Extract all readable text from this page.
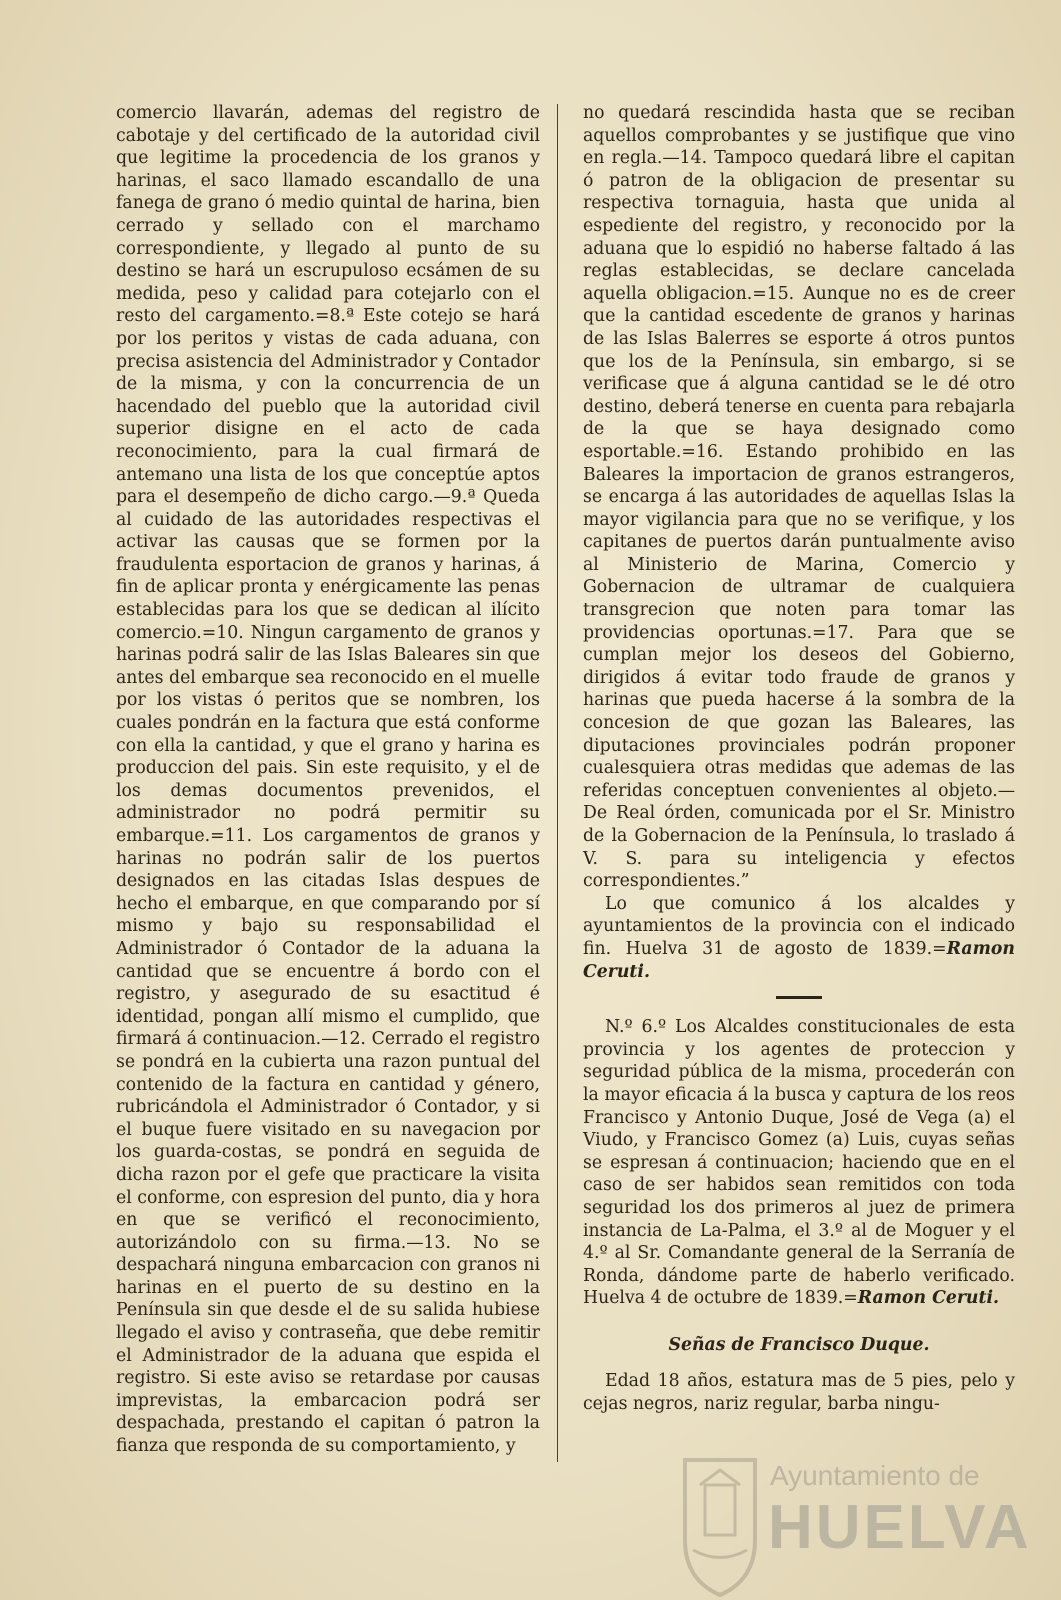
comercio llavarán, ademas del registro de cabotaje y del certificado de la autoridad civil que legitime la procedencia de los granos y harinas, el saco llamado escandallo de una fanega de grano ó medio quintal de harina, bien cerrado y sellado con el marchamo correspondiente, y llegado al punto de su destino se hará un escrupuloso ecsámen de su medida, peso y calidad para cotejarlo con el resto del cargamento.=8.ª Este cotejo se hará por los peritos y vistas de cada aduana, con precisa asistencia del Administrador y Contador de la misma, y con la concurrencia de un hacendado del pueblo que la autoridad civil superior disigne en el acto de cada reconocimiento, para la cual firmará de antemano una lista de los que conceptúe aptos para el desempeño de dicho cargo.—9.ª Queda al cuidado de las autoridades respectivas el activar las causas que se formen por la fraudulenta esportacion de granos y harinas, á fin de aplicar pronta y enérgicamente las penas establecidas para los que se dedican al ilícito comercio.=10. Ningun cargamento de granos y harinas podrá salir de las Islas Baleares sin que antes del embarque sea reconocido en el muelle por los vistas ó peritos que se nombren, los cuales pondrán en la factura que está conforme con ella la cantidad, y que el grano y harina es produccion del pais. Sin este requisito, y el de los demas documentos prevenidos, el administrador no podrá permitir su embarque.=11. Los cargamentos de granos y harinas no podrán salir de los puertos designados en las citadas Islas despues de hecho el embarque, en que comparando por sí mismo y bajo su responsabilidad el Administrador ó Contador de la aduana la cantidad que se encuentre á bordo con el registro, y asegurado de su esactitud é identidad, pongan allí mismo el cumplido, que firmará á continuacion.—12. Cerrado el registro se pondrá en la cubierta una razon puntual del contenido de la factura en cantidad y género, rubricándola el Administrador ó Contador, y si el buque fuere visitado en su navegacion por los guarda-costas, se pondrá en seguida de dicha razon por el gefe que practicare la visita el conforme, con espresion del punto, dia y hora en que se verificó el reconocimiento, autorizándolo con su firma.—13. No se despachará ninguna embarcacion con granos ni harinas en el puerto de su destino en la Península sin que desde el de su salida hubiese llegado el aviso y contraseña, que debe remitir el Administrador de la aduana que espida el registro. Si este aviso se retardase por causas imprevistas, la embarcacion podrá ser despachada, prestando el capitan ó patron la fianza que responda de su comportamiento, y

no quedará rescindida hasta que se reciban aquellos comprobantes y se justifique que vino en regla.—14. Tampoco quedará libre el capitan ó patron de la obligacion de presentar su respectiva tornaguia, hasta que unida al espediente del registro, y reconocido por la aduana que lo espidió no haberse faltado á las reglas establecidas, se declare cancelada aquella obligacion.=15. Aunque no es de creer que la cantidad escedente de granos y harinas de las Islas Balerres se esporte á otros puntos que los de la Península, sin embargo, si se verificase que á alguna cantidad se le dé otro destino, deberá tenerse en cuenta para rebajarla de la que se haya designado como esportable.=16. Estando prohibido en las Baleares la importacion de granos estrangeros, se encarga á las autoridades de aquellas Islas la mayor vigilancia para que no se verifique, y los capitanes de puertos darán puntualmente aviso al Ministerio de Marina, Comercio y Gobernacion de ultramar de cualquiera transgrecion que noten para tomar las providencias oportunas.=17. Para que se cumplan mejor los deseos del Gobierno, dirigidos á evitar todo fraude de granos y harinas que pueda hacerse á la sombra de la concesion de que gozan las Baleares, las diputaciones provinciales podrán proponer cualesquiera otras medidas que ademas de las referidas conceptuen convenientes al objeto.—De Real órden, comunicada por el Sr. Ministro de la Gobernacion de la Península, lo traslado á V. S. para su inteligencia y efectos correspondientes.”

Lo que comunico á los alcaldes y ayuntamientos de la provincia con el indicado fin. Huelva 31 de agosto de 1839.=Ramon Ceruti.

N.º 6.º Los Alcaldes constitucionales de esta provincia y los agentes de proteccion y seguridad pública de la misma, procederán con la mayor eficacia á la busca y captura de los reos Francisco y Antonio Duque, José de Vega (a) el Viudo, y Francisco Gomez (a) Luis, cuyas señas se espresan á continuacion; haciendo que en el caso de ser habidos sean remitidos con toda seguridad los dos primeros al juez de primera instancia de La-Palma, el 3.º al de Moguer y el 4.º al Sr. Comandante general de la Serranía de Ronda, dándome parte de haberlo verificado. Huelva 4 de octubre de 1839.=Ramon Ceruti.

Señas de Francisco Duque.

Edad 18 años, estatura mas de 5 pies, pelo y cejas negros, nariz regular, barba ningu-

Ayuntamiento de
HUELVA
